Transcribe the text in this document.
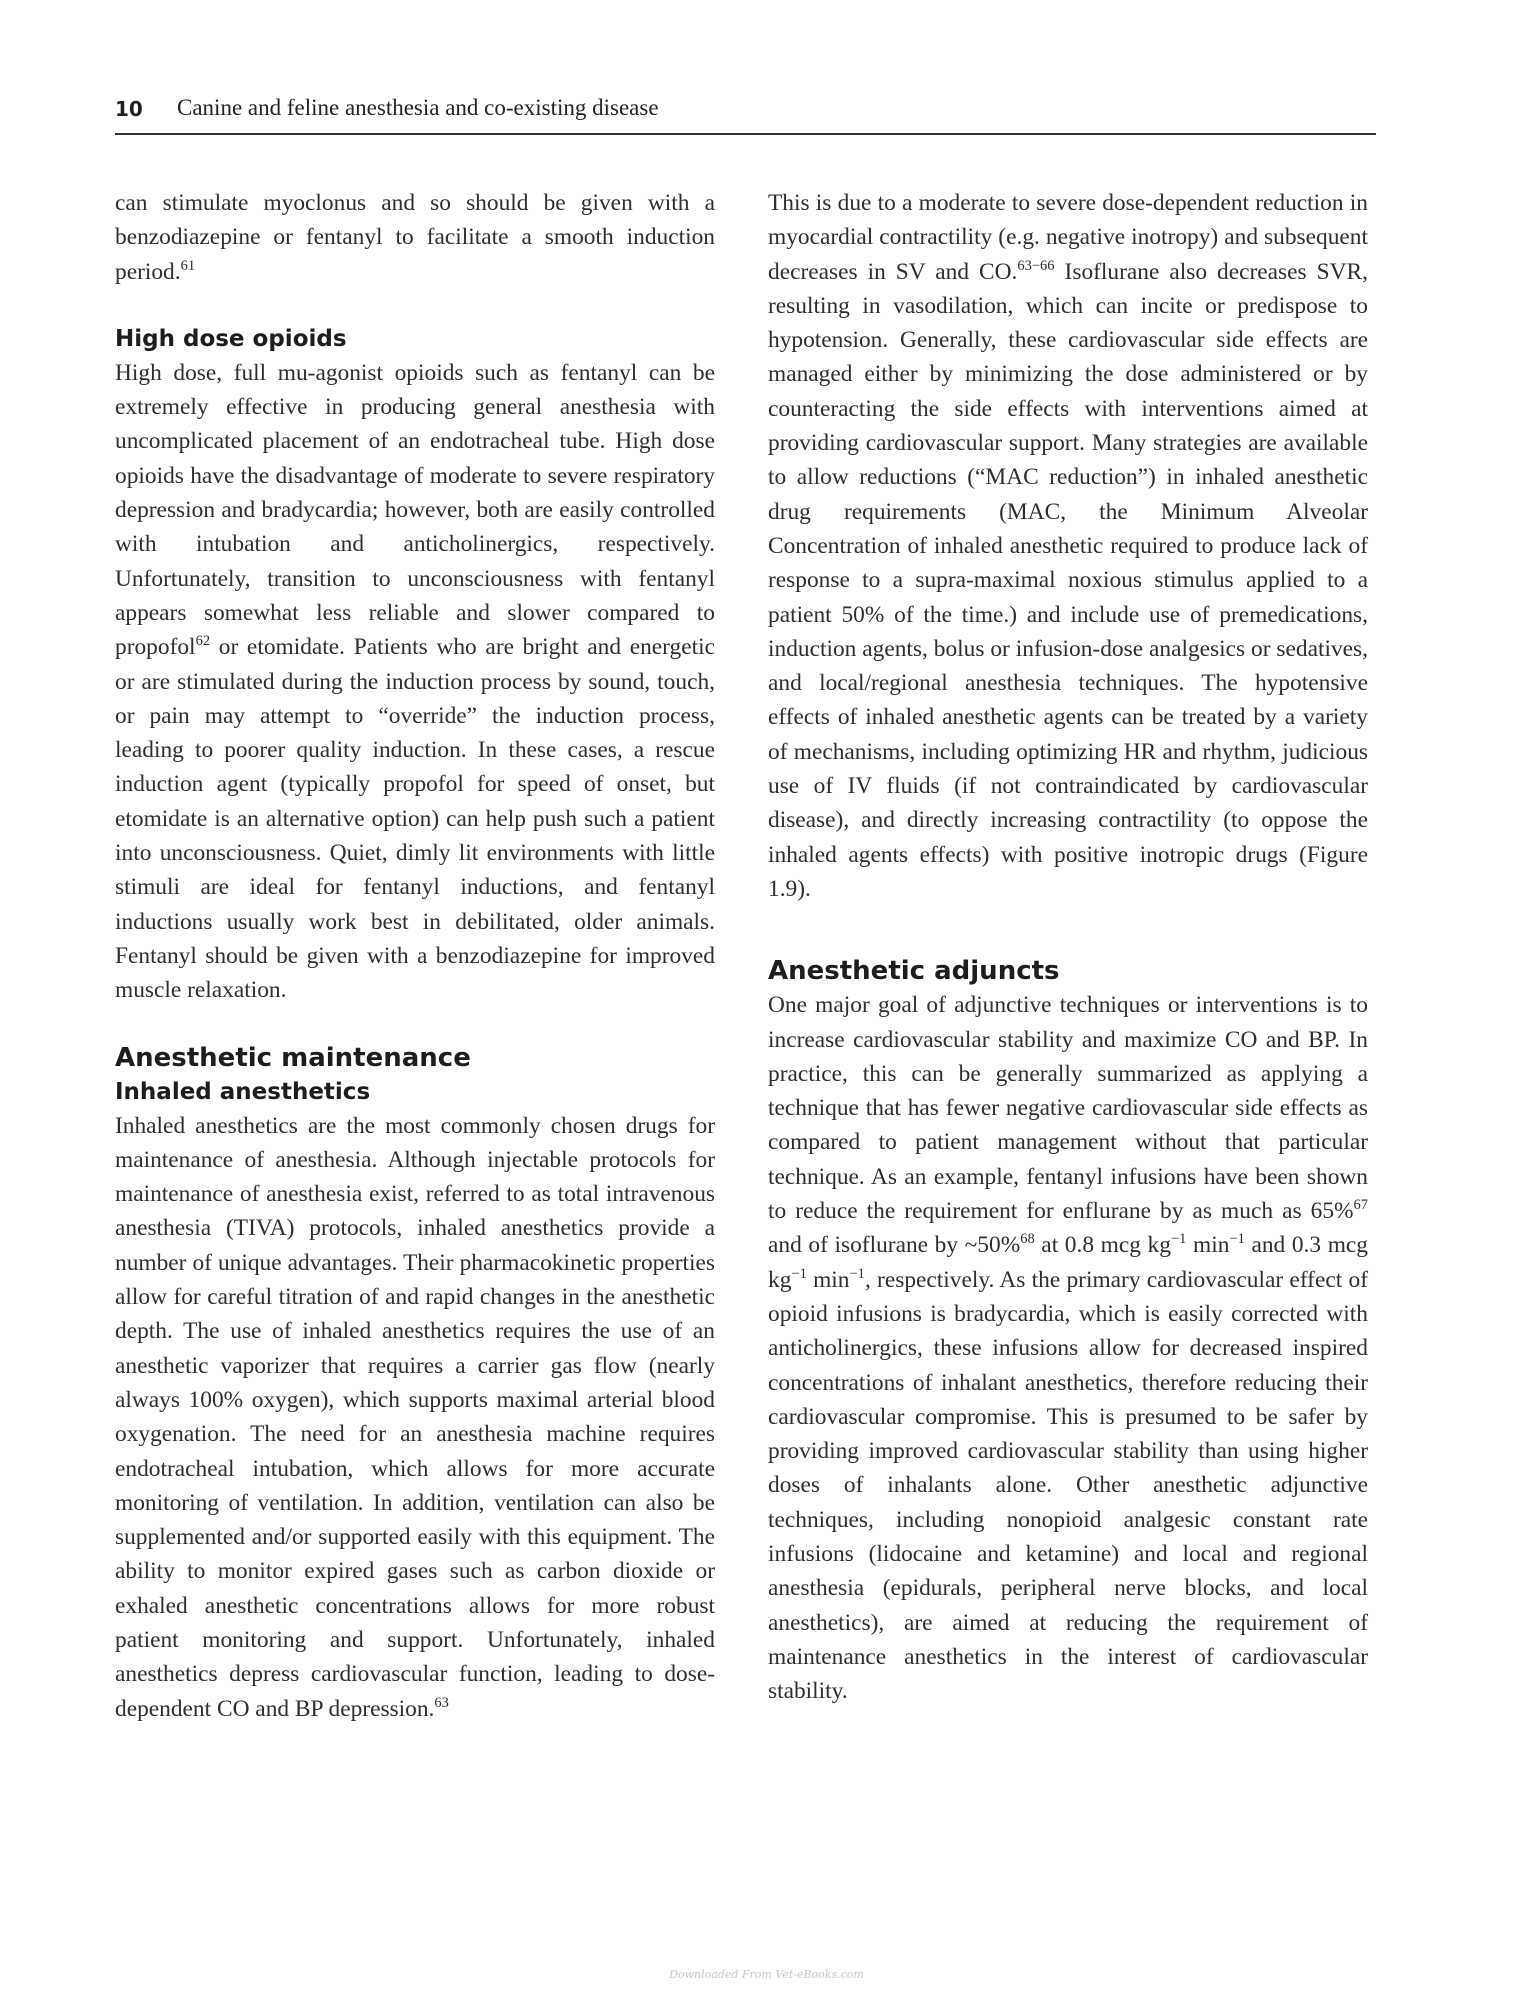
10 Canine and feline anesthesia and co-existing disease

can stimulate myoclonus and so should be given with a benzodiazepine or fentanyl to facilitate a smooth induction period.$^{61}$

High dose opioids

High dose, full mu-agonist opioids such as fentanyl can be extremely effective in producing general anesthesia with uncomplicated placement of an endotracheal tube. High dose opioids have the disadvantage of moderate to severe respiratory depression and bradycardia; however, both are easily controlled with intubation and anticholinergics, respectively. Unfortunately, transition to unconsciousness with fentanyl appears somewhat less reliable and slower compared to propofol$^{62}$ or etomidate. Patients who are bright and energetic or are stimulated during the induction process by sound, touch, or pain may attempt to “override” the induction process, leading to poorer quality induction. In these cases, a rescue induction agent (typically propofol for speed of onset, but etomidate is an alternative option) can help push such a patient into unconsciousness. Quiet, dimly lit environments with little stimuli are ideal for fentanyl inductions, and fentanyl inductions usually work best in debilitated, older animals. Fentanyl should be given with a benzodiazepine for improved muscle relaxation.

Anesthetic maintenance
Inhaled anesthetics

Inhaled anesthetics are the most commonly chosen drugs for maintenance of anesthesia. Although injectable protocols for maintenance of anesthesia exist, referred to as total intravenous anesthesia (TIVA) protocols, inhaled anesthetics provide a number of unique advantages. Their pharmacokinetic properties allow for careful titration of and rapid changes in the anesthetic depth. The use of inhaled anesthetics requires the use of an anesthetic vaporizer that requires a carrier gas flow (nearly always 100% oxygen), which supports maximal arterial blood oxygenation. The need for an anesthesia machine requires endotracheal intubation, which allows for more accurate monitoring of ventilation. In addition, ventilation can also be supplemented and/or supported easily with this equipment. The ability to monitor expired gases such as carbon dioxide or exhaled anesthetic concentrations allows for more robust patient monitoring and support. Unfortunately, inhaled anesthetics depress cardiovascular function, leading to dose-dependent CO and BP depression.$^{63}$

This is due to a moderate to severe dose-dependent reduction in myocardial contractility (e.g. negative inotropy) and subsequent decreases in SV and CO.$^{63-66}$ Isoflurane also decreases SVR, resulting in vasodilation, which can incite or predispose to hypotension. Generally, these cardiovascular side effects are managed either by minimizing the dose administered or by counteracting the side effects with interventions aimed at providing cardiovascular support. Many strategies are available to allow reductions (“MAC reduction”) in inhaled anesthetic drug requirements (MAC, the Minimum Alveolar Concentration of inhaled anesthetic required to produce lack of response to a supra-maximal noxious stimulus applied to a patient 50% of the time.) and include use of premedications, induction agents, bolus or infusion-dose analgesics or sedatives, and local/regional anesthesia techniques. The hypotensive effects of inhaled anesthetic agents can be treated by a variety of mechanisms, including optimizing HR and rhythm, judicious use of IV fluids (if not contraindicated by cardiovascular disease), and directly increasing contractility (to oppose the inhaled agents effects) with positive inotropic drugs (Figure 1.9).

Anesthetic adjuncts

One major goal of adjunctive techniques or interventions is to increase cardiovascular stability and maximize CO and BP. In practice, this can be generally summarized as applying a technique that has fewer negative cardiovascular side effects as compared to patient management without that particular technique. As an example, fentanyl infusions have been shown to reduce the requirement for enflurane by as much as 65%$^{67}$ and of isoflurane by ~50%$^{68}$ at 0.8 mcg $kg^{-1}$ $\min^{-1}$ and 0.3 mcg $kg^{-1}$ $\min^{-1}$, respectively. As the primary cardiovascular effect of opioid infusions is bradycardia, which is easily corrected with anticholinergics, these infusions allow for decreased inspired concentrations of inhalant anesthetics, therefore reducing their cardiovascular compromise. This is presumed to be safer by providing improved cardiovascular stability than using higher doses of inhalants alone. Other anesthetic adjunctive techniques, including nonopioid analgesic constant rate infusions (lidocaine and ketamine) and local and regional anesthesia (epidurals, peripheral nerve blocks, and local anesthetics), are aimed at reducing the requirement of maintenance anesthetics in the interest of cardiovascular stability.

Downloaded From Vet-eBooks.com
